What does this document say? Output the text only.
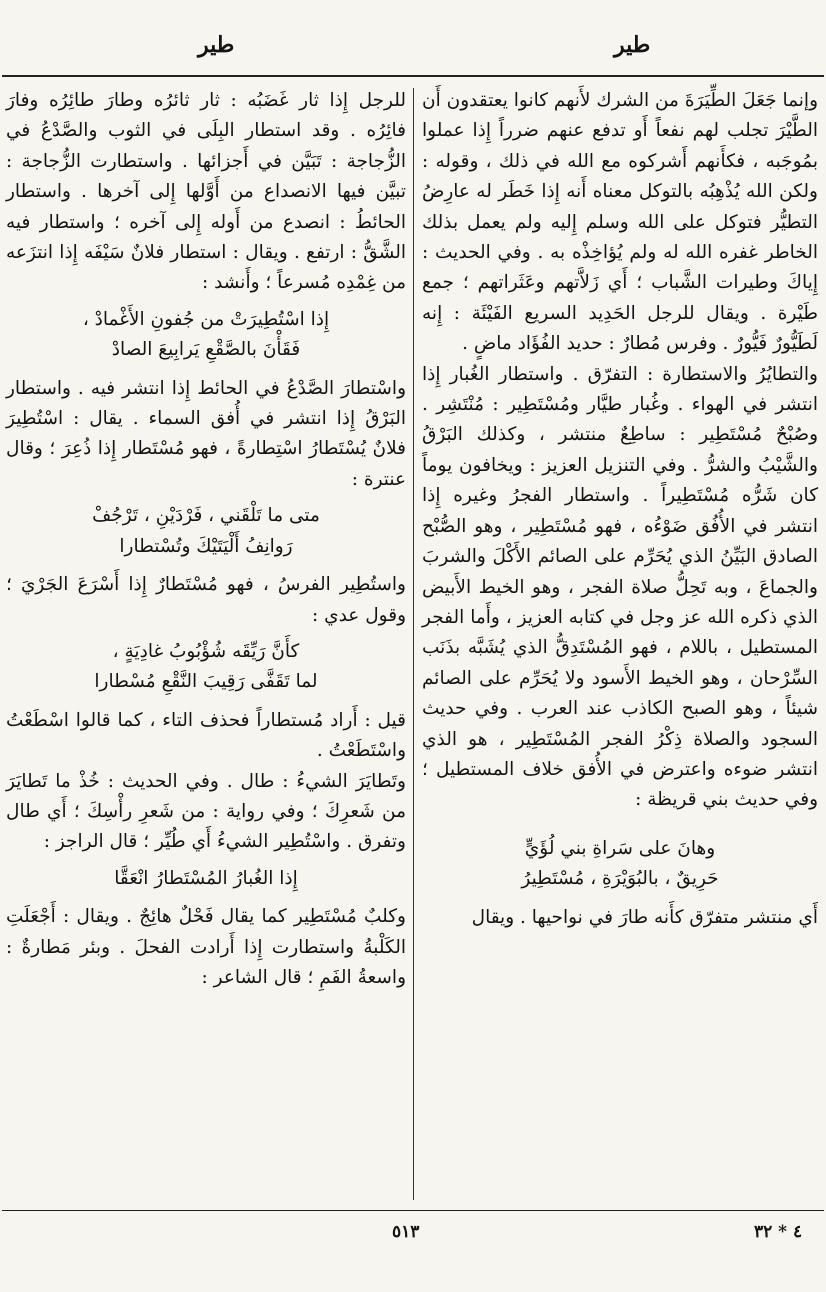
طير
طير

وإنما جَعَلَ الطِّيَرَةَ من الشرك لأَنهم كانوا يعتقدون أَن الطَّيْرَ تجلب لهم نفعاً أَو تدفع عنهم ضرراً إِذا عملوا بمُوجَبه ، فكأَنهم أَشركوه مع الله في ذلك ، وقوله : ولكن الله يُذْهِبُه بالتوكل معناه أَنه إِذا خَطَر له عارِضُ التطيُّر فتوكل على الله وسلم إِليه ولم يعمل بذلك الخاطر غفره الله له ولم يُؤاخِذْه به . وفي الحديث : إِياكَ وطيرات الشَّباب ؛ أَي زَلاَّتهم وعَثَراتهم ؛ جمع طَيْرة . ويقال للرجل الحَدِيد السريع الفَيْئَة : إِنه لَطَيُّورٌ فَيُّورٌ . وفرس مُطارٌ : حديد الفُؤَاد ماضٍ .

والتطايُرُ والاستطارة : التفرّق . واستطار الغُبار إِذا انتشر في الهواء . وغُبار طيَّار ومُسْتَطِير : مُنْتَشِر . وصُبْحٌ مُسْتَطِير : ساطِعٌ منتشر ، وكذلك البَرْقُ والشَّيْبُ والشرُّ . وفي التنزيل العزيز : ويخافون يوماً كان شَرُّه مُسْتَطِيراً . واستطار الفجرُ وغيره إِذا انتشر في الأُفُق ضَوْءُه ، فهو مُسْتَطِير ، وهو الصُّبْح الصادق البَيِّنُ الذي يُحَرِّم على الصائم الأَكْلَ والشربَ والجماعَ ، وبه تَحِلُّ صلاة الفجر ، وهو الخيط الأَبيض الذي ذكره الله عز وجل في كتابه العزيز ، وأَما الفجر المستطيل ، باللام ، فهو المُسْتَدِقُّ الذي يُشَبَّه بذَنَب السِّرْحان ، وهو الخيط الأَسود ولا يُحَرِّم على الصائم شيئاً ، وهو الصبح الكاذب عند العرب . وفي حديث السجود والصلاة ذِكْرُ الفجر المُسْتَطِير ، هو الذي انتشر ضوءه واعترض في الأُفق خلاف المستطيل ؛ وفي حديث بني قريظة :

وهانَ على سَراةِ بني لُؤَيٍّ
حَرِيقٌ ، بالبُوَيْرَةِ ، مُسْتَطِيرُ

أَي منتشر متفرّق كأَنه طارَ في نواحيها . ويقال

للرجل إِذا ثار غَضَبُه : ثار ثائرُه وطارَ طائِرُه وفارَ فائِرُه . وقد استطار البِلَى في الثوب والصَّدْعُ في الزُّجاجة : تَبَيَّن في أَجزائها . واستطارت الزُّجاجة : تبيَّن فيها الانصداع من أَوَّلها إِلى آخرها . واستطار الحائطُ : انصدع من أَوله إِلى آخره ؛ واستطار فيه الشَّقُّ : ارتفع . ويقال : استطار فلانٌ سَيْفَه إِذا انتزَعه من غِمْدِه مُسرعاً ؛ وأَنشد :

إِذا اسْتُطِيرَتْ من جُفونِ الأَغْمادْ ،
فَقَأْنَ بالصَّقْعِ يَرابِيعَ الصادْ

واسْتطارَ الصَّدْعُ في الحائط إِذا انتشر فيه . واستطار البَرْقُ إِذا انتشر في أُفق السماء . يقال : اسْتُطِيرَ فلانٌ يُسْتَطارُ اسْتِطارةً ، فهو مُسْتَطار إِذا ذُعِرَ ؛ وقال عنترة :

متى ما تَلْقَني ، فَرْدَيْنِ ، تَرْجُفْ
رَوانِفُ أَلْيَتَيْكَ وتُسْتطارا

واستُطِير الفرسُ ، فهو مُسْتَطارٌ إِذا أَسْرَعَ الجَرْيَ ؛ وقول عدي :

كأَنَّ رَيِّقَه شُؤْبُوبُ غادِيَةٍ ،
لما تَقَفَّى رَقِيبَ النَّقْعِ مُسْطارا

قيل : أَراد مُستطاراً فحذف التاء ، كما قالوا اسْطَعْتُ واسْتَطَعْتُ .

وتَطايَرَ الشيءُ : طال . وفي الحديث : خُذْ ما تَطايَرَ من شَعرِكَ ؛ وفي رواية : من شَعرِ رأْسِكَ ؛ أَي طال وتفرق . واسْتُطِير الشيءُ أَي طُيِّر ؛ قال الراجز :

إِذا الغُبارُ المُسْتَطارُ انْعَقَّا

وكلبٌ مُسْتَطِير كما يقال فَحْلٌ هائِجٌ . ويقال : أَجْعَلَتِ الكَلْبةُ واستطارت إِذا أَرادت الفحلَ . وبئر مَطارةٌ : واسعةُ الفَمِ ؛ قال الشاعر :

٥١٣	٤ * ٣٢
